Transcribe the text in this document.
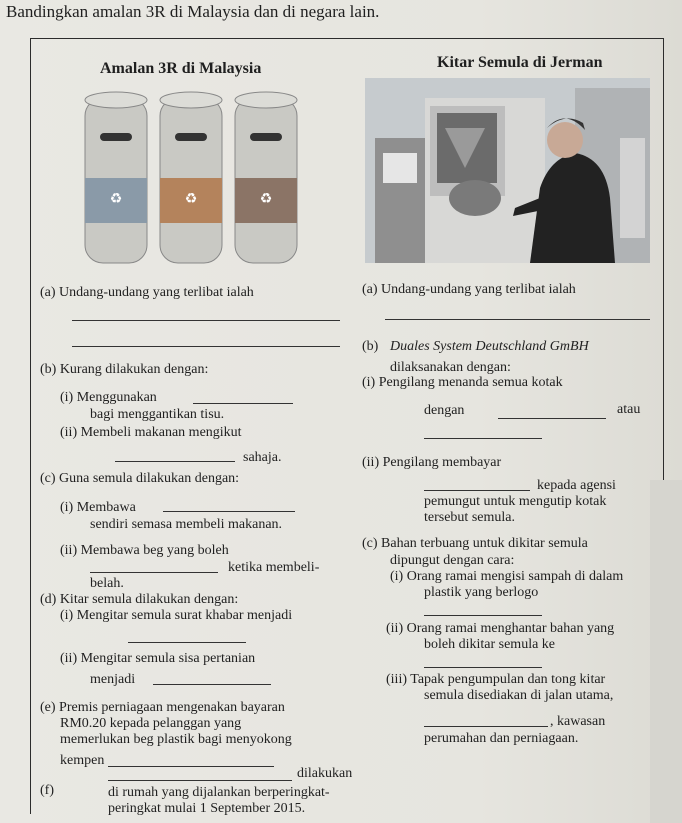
Bandingkan amalan 3R di Malaysia dan di negara lain.
Amalan 3R di Malaysia
♻	♻	♻
(a) Undang-undang yang terlibat ialah
(b) Kurang dilakukan dengan:
(i) Menggunakan
bagi menggantikan tisu.
(ii) Membeli makanan mengikut
sahaja.
(c) Guna semula dilakukan dengan:
(i) Membawa
sendiri semasa membeli makanan.
(ii) Membawa beg yang boleh
ketika membeli-
belah.
(d) Kitar semula dilakukan dengan:
(i) Mengitar semula surat khabar menjadi
(ii) Mengitar semula sisa pertanian
menjadi
(e) Premis perniagaan mengenakan bayaran
RM0.20 kepada pelanggan yang
memerlukan beg plastik bagi menyokong
kempen
(f)
dilakukan
di rumah yang dijalankan berperingkat-
peringkat mulai 1 September 2015.
Kitar Semula di Jerman
(a) Undang-undang yang terlibat ialah
(b) Duales System Deutschland GmBH
dilaksanakan dengan:
(i) Pengilang menanda semua kotak
dengan	atau
(ii) Pengilang membayar
kepada agensi
pemungut untuk mengutip kotak
tersebut semula.
(c) Bahan terbuang untuk dikitar semula
dipungut dengan cara:
(i) Orang ramai mengisi sampah di dalam
plastik yang berlogo
(ii) Orang ramai menghantar bahan yang
boleh dikitar semula ke
(iii) Tapak pengumpulan dan tong kitar
semula disediakan di jalan utama,
, kawasan
perumahan dan perniagaan.
